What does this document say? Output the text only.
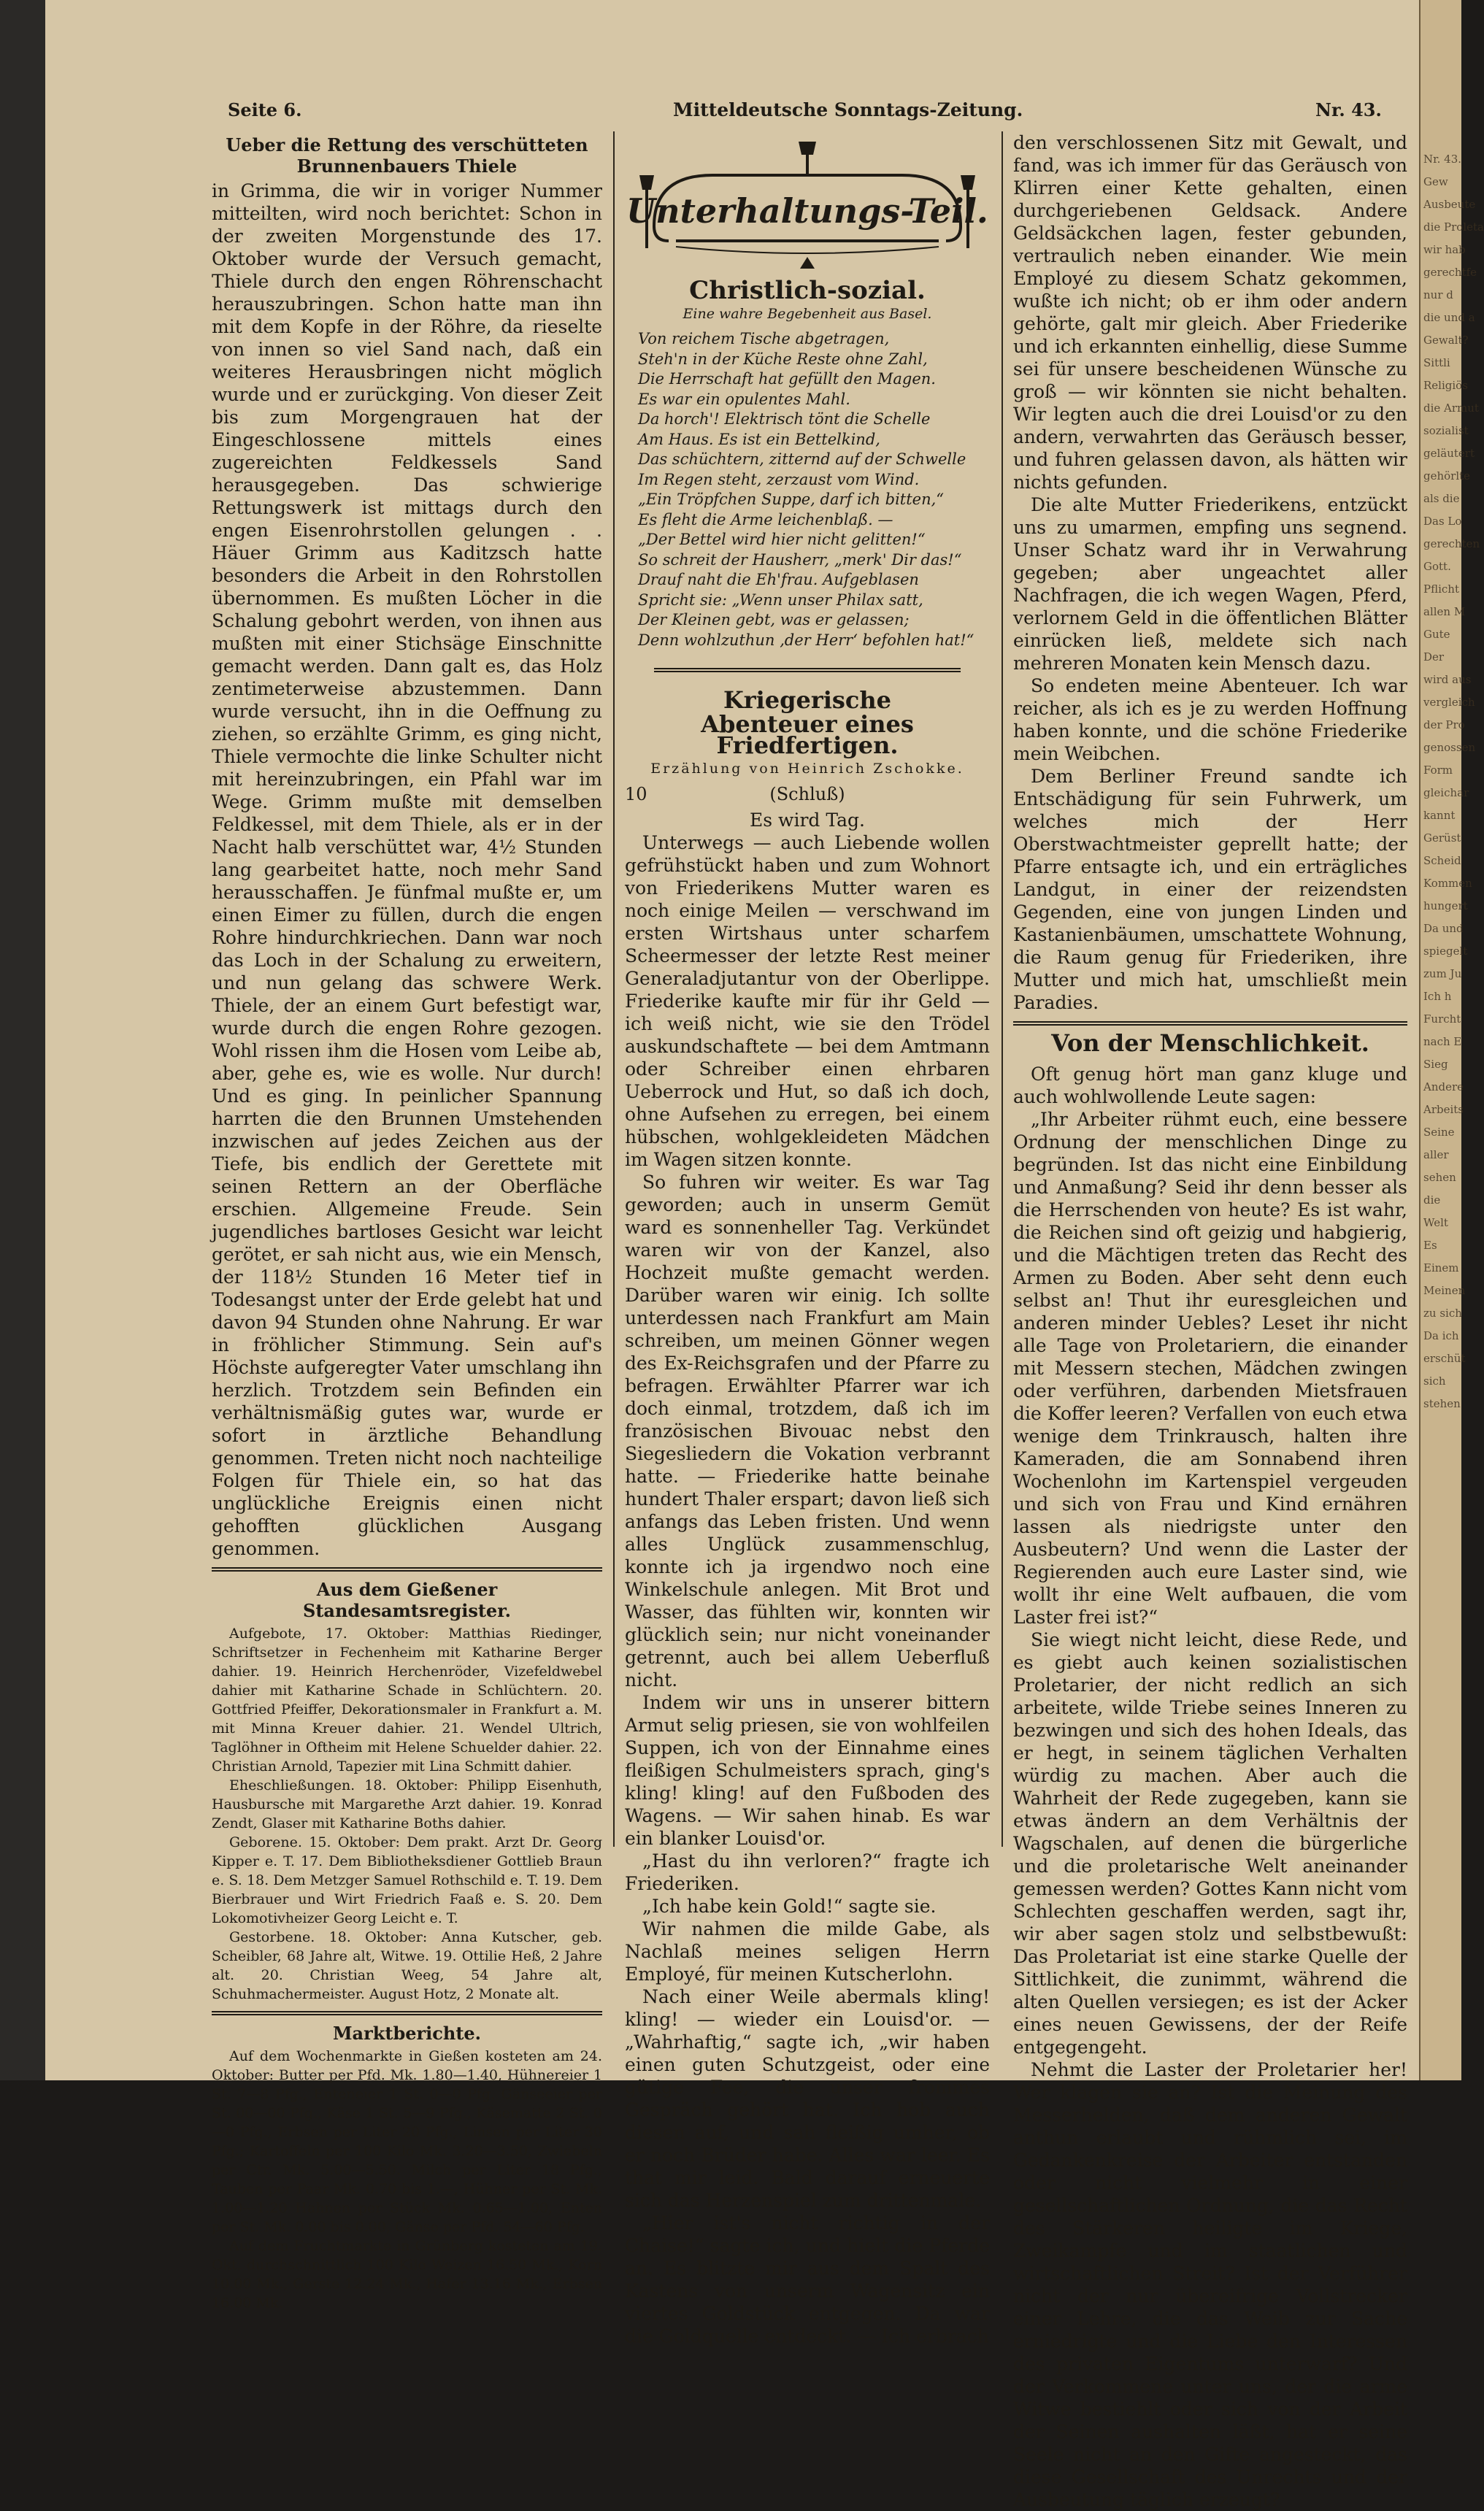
Seite 6.	Mitteldeutsche Sonntags-Zeitung.	Nr. 43.
Ueber die Rettung des verschütteten Brunnenbauers Thiele

in Grimma, die wir in voriger Nummer mitteilten, wird noch berichtet: Schon in der zweiten Morgenstunde des 17. Oktober wurde der Versuch gemacht, Thiele durch den engen Röhrenschacht herauszubringen. Schon hatte man ihn mit dem Kopfe in der Röhre, da rieselte von innen so viel Sand nach, daß ein weiteres Herausbringen nicht möglich wurde und er zurückging. Von dieser Zeit bis zum Morgengrauen hat der Eingeschlossene mittels eines zugereichten Feldkessels Sand herausgegeben. Das schwierige Rettungswerk ist mittags durch den engen Eisenrohrstollen gelungen . . Häuer Grimm aus Kaditzsch hatte besonders die Arbeit in den Rohrstollen übernommen. Es mußten Löcher in die Schalung gebohrt werden, von ihnen aus mußten mit einer Stichsäge Einschnitte gemacht werden. Dann galt es, das Holz zentimeterweise abzustemmen. Dann wurde versucht, ihn in die Oeffnung zu ziehen, so erzählte Grimm, es ging nicht, Thiele vermochte die linke Schulter nicht mit hereinzubringen, ein Pfahl war im Wege. Grimm mußte mit demselben Feldkessel, mit dem Thiele, als er in der Nacht halb verschüttet war, 4½ Stunden lang gearbeitet hatte, noch mehr Sand herausschaffen. Je fünfmal mußte er, um einen Eimer zu füllen, durch die engen Rohre hindurchkriechen. Dann war noch das Loch in der Schalung zu erweitern, und nun gelang das schwere Werk. Thiele, der an einem Gurt befestigt war, wurde durch die engen Rohre gezogen. Wohl rissen ihm die Hosen vom Leibe ab, aber, gehe es, wie es wolle. Nur durch! Und es ging. In peinlicher Spannung harrten die den Brunnen Umstehenden inzwischen auf jedes Zeichen aus der Tiefe, bis endlich der Gerettete mit seinen Rettern an der Oberfläche erschien. Allgemeine Freude. Sein jugendliches bartloses Gesicht war leicht gerötet, er sah nicht aus, wie ein Mensch, der 118½ Stunden 16 Meter tief in Todesangst unter der Erde gelebt hat und davon 94 Stunden ohne Nahrung. Er war in fröhlicher Stimmung. Sein auf's Höchste aufgeregter Vater umschlang ihn herzlich. Trotzdem sein Befinden ein verhältnismäßig gutes war, wurde er sofort in ärztliche Behandlung genommen. Treten nicht noch nachteilige Folgen für Thiele ein, so hat das unglückliche Ereignis einen nicht gehofften glücklichen Ausgang genommen.

Aus dem Gießener Standesamtsregister.

Aufgebote, 17. Oktober: Matthias Riedinger, Schriftsetzer in Fechenheim mit Katharine Berger dahier. 19. Heinrich Herchenröder, Vizefeldwebel dahier mit Katharine Schade in Schlüchtern. 20. Gottfried Pfeiffer, Dekorationsmaler in Frankfurt a. M. mit Minna Kreuer dahier. 21. Wendel Ultrich, Taglöhner in Oftheim mit Helene Schuelder dahier. 22. Christian Arnold, Tapezier mit Lina Schmitt dahier.

Eheschließungen. 18. Oktober: Philipp Eisenhuth, Hausbursche mit Margarethe Arzt dahier. 19. Konrad Zendt, Glaser mit Katharine Boths dahier.

Geborene. 15. Oktober: Dem prakt. Arzt Dr. Georg Kipper e. T. 17. Dem Bibliotheksdiener Gottlieb Braun e. S. 18. Dem Metzger Samuel Rothschild e. T. 19. Dem Bierbrauer und Wirt Friedrich Faaß e. S. 20. Dem Lokomotivheizer Georg Leicht e. T.

Gestorbene. 18. Oktober: Anna Kutscher, geb. Scheibler, 68 Jahre alt, Witwe. 19. Ottilie Heß, 2 Jahre alt. 20. Christian Weeg, 54 Jahre alt, Schuhmachermeister. August Hotz, 2 Monate alt.

Marktberichte.

Auf dem Wochenmarkte in Gießen kosteten am 24. Oktober: Butter per Pfd. Mk. 1.80—1.40, Hühnereier 1 St. 7—8 Pfg., Enteneier 1 St. 0—0 Pfg. Gänseeier per St. 00—00 Pfg., Käse 1 St. 5—9 Pfg., Käsematte 2 St. 0—0 Pfg., Erbsen per Liter 20 Pfg., Linsen per Liter 30 Pfg.; Kartoffeln per 100 Kilo Mk. 3.20—3.50, Zwiebeln per Ctr. Mk. 5.00—5.50. Milch per Liter 18 Pfg., Tauben per Paar Mk. 0.70 bis 1.—, Hühner per St. Mk. 1.00—1.20 Hahnen per Stück Mk. 0.65—1.00, Enten per St. Mk. 0.00 bis 0.00, Gänse per Pfd. 54—60 Pfg.

Auf dem Fruchtmarkte in Grünberg kosteten am 19. Okt. durchschnittlich 100 Kilo Weizen 16.50 Mk., Korn 10.00 Mk., Gerste 12.24 Mk., Hafer 13.16 Mk., Erbsen 16.00 Mk.

Unterhaltungs-Teil.
Christlich-sozial.

Eine wahre Begebenheit aus Basel.

Von reichem Tische abgetragen,

Steh'n in der Küche Reste ohne Zahl,

Die Herrschaft hat gefüllt den Magen.

Es war ein opulentes Mahl.

Da horch'! Elektrisch tönt die Schelle

Am Haus. Es ist ein Bettelkind,

Das schüchtern, zitternd auf der Schwelle

Im Regen steht, zerzaust vom Wind.

„Ein Tröpfchen Suppe, darf ich bitten,“

Es fleht die Arme leichenblaß. —

„Der Bettel wird hier nicht gelitten!“

So schreit der Hausherr, „merk' Dir das!“

Drauf naht die Eh'frau. Aufgeblasen

Spricht sie: „Wenn unser Philax satt,

Der Kleinen gebt, was er gelassen;

Denn wohlzuthun ‚der Herr‘ befohlen hat!“

Kriegerische
Abenteuer eines Friedfertigen.

Erzählung von Heinrich Zschokke.

10	(Schluß)

Es wird Tag.

Unterwegs — auch Liebende wollen gefrühstückt haben und zum Wohnort von Friederikens Mutter waren es noch einige Meilen — verschwand im ersten Wirtshaus unter scharfem Scheermesser der letzte Rest meiner Generaladjutantur von der Oberlippe. Friederike kaufte mir für ihr Geld — ich weiß nicht, wie sie den Trödel auskundschaftete — bei dem Amtmann oder Schreiber einen ehrbaren Ueberrock und Hut, so daß ich doch, ohne Aufsehen zu erregen, bei einem hübschen, wohlgekleideten Mädchen im Wagen sitzen konnte.

So fuhren wir weiter. Es war Tag geworden; auch in unserm Gemüt ward es sonnenheller Tag. Verkündet waren wir von der Kanzel, also Hochzeit mußte gemacht werden. Darüber waren wir einig. Ich sollte unterdessen nach Frankfurt am Main schreiben, um meinen Gönner wegen des Ex-Reichsgrafen und der Pfarre zu befragen. Erwählter Pfarrer war ich doch einmal, trotzdem, daß ich im französischen Bivouac nebst den Siegesliedern die Vokation verbrannt hatte. — Friederike hatte beinahe hundert Thaler erspart; davon ließ sich anfangs das Leben fristen. Und wenn alles Unglück zusammenschlug, konnte ich ja irgendwo noch eine Winkelschule anlegen. Mit Brot und Wasser, das fühlten wir, konnten wir glücklich sein; nur nicht voneinander getrennt, auch bei allem Ueberfluß nicht.

Indem wir uns in unserer bittern Armut selig priesen, sie von wohlfeilen Suppen, ich von der Einnahme eines fleißigen Schulmeisters sprach, ging's kling! kling! auf den Fußboden des Wagens. — Wir sahen hinab. Es war ein blanker Louisd'or.

„Hast du ihn verloren?“ fragte ich Friederiken.

„Ich habe kein Gold!“ sagte sie.

Wir nahmen die milde Gabe, als Nachlaß meines seligen Herrn Employé, für meinen Kutscherlohn.

Nach einer Weile abermals kling! kling! — wieder ein Louisd'or. — „Wahrhaftig,“ sagte ich, „wir haben einen guten Schutzgeist, oder eine gütige Fee, die unser frommes Gespräch gehört hat. Ich hob auch diesen auf, und sah fleißig umher, ob er noch Brüder habe. Alles war leer. Es that mir leid. Bald darauf erneuerte sich das Herzenspiel zum drittenmale.

„Hier ist's nicht richtig in der Chaise!“ sagte ich, und hielt die Pferde an. Es blitzte mir aus dem Spalt des Kastens von unserm Wagensitz ein viertes Goldstück entgegen. Da war die Goldquelle entdeckt. — Ich erbrach

den verschlossenen Sitz mit Gewalt, und fand, was ich immer für das Geräusch von Klirren einer Kette gehalten, einen durchgeriebenen Geldsack. Andere Geldsäckchen lagen, fester gebunden, vertraulich neben einander. Wie mein Employé zu diesem Schatz gekommen, wußte ich nicht; ob er ihm oder andern gehörte, galt mir gleich. Aber Friederike und ich erkannten einhellig, diese Summe sei für unsere bescheidenen Wünsche zu groß — wir könnten sie nicht behalten. Wir legten auch die drei Louisd'or zu den andern, verwahrten das Geräusch besser, und fuhren gelassen davon, als hätten wir nichts gefunden.

Die alte Mutter Friederikens, entzückt uns zu umarmen, empfing uns segnend. Unser Schatz ward ihr in Verwahrung gegeben; aber ungeachtet aller Nachfragen, die ich wegen Wagen, Pferd, verlornem Geld in die öffentlichen Blätter einrücken ließ, meldete sich nach mehreren Monaten kein Mensch dazu.

So endeten meine Abenteuer. Ich war reicher, als ich es je zu werden Hoffnung haben konnte, und die schöne Friederike mein Weibchen.

Dem Berliner Freund sandte ich Entschädigung für sein Fuhrwerk, um welches mich der Herr Oberstwachtmeister geprellt hatte; der Pfarre entsagte ich, und ein erträgliches Landgut, in einer der reizendsten Gegenden, eine von jungen Linden und Kastanienbäumen, umschattete Wohnung, die Raum genug für Friederiken, ihre Mutter und mich hat, umschließt mein Paradies.

Von der Menschlichkeit.

Oft genug hört man ganz kluge und auch wohlwollende Leute sagen:

„Ihr Arbeiter rühmt euch, eine bessere Ordnung der menschlichen Dinge zu begründen. Ist das nicht eine Einbildung und Anmaßung? Seid ihr denn besser als die Herrschenden von heute? Es ist wahr, die Reichen sind oft geizig und habgierig, und die Mächtigen treten das Recht des Armen zu Boden. Aber seht denn euch selbst an! Thut ihr euresgleichen und anderen minder Uebles? Leset ihr nicht alle Tage von Proletariern, die einander mit Messern stechen, Mädchen zwingen oder verführen, darbenden Mietsfrauen die Koffer leeren? Verfallen von euch etwa wenige dem Trinkrausch, halten ihre Kameraden, die am Sonnabend ihren Wochenlohn im Kartenspiel vergeuden und sich von Frau und Kind ernähren lassen als niedrigste unter den Ausbeutern? Und wenn die Laster der Regierenden auch eure Laster sind, wie wollt ihr eine Welt aufbauen, die vom Laster frei ist?“

Sie wiegt nicht leicht, diese Rede, und es giebt auch keinen sozialistischen Proletarier, der nicht redlich an sich arbeitete, wilde Triebe seines Inneren zu bezwingen und sich des hohen Ideals, das er hegt, in seinem täglichen Verhalten würdig zu machen. Aber auch die Wahrheit der Rede zugegeben, kann sie etwas ändern an dem Verhältnis der Wagschalen, auf denen die bürgerliche und die proletarische Welt aneinander gemessen werden? Gottes Kann nicht vom Schlechten geschaffen werden, sagt ihr, wir aber sagen stolz und selbstbewußt: Das Proletariat ist eine starke Quelle der Sittlichkeit, die zunimmt, während die alten Quellen versiegen; es ist der Acker eines neuen Gewissens, der der Reife entgegengeht.

Nehmt die Laster der Proletarier her! Wer klagen sie an? Ist die Meinung des Messerhelden, daß dem anderen Gewalt anthun erlaubt und rühmlich sei, im Gedankenkreise der Arbeiter entstanden oder nicht vielmehr in einer gesellschaftlichen Ordnung, die das Recht des Stärkeren heiligte im Kriege, Zweikampfe und im staatlichen und wirtschaftlichen Streit? Ist der Verführer nicht der nur übereifrige Vollstrecker einer Lehre, die das Weib zur Sache erniedrigte und die Liebe den Interessen des privaten Eigentums unterwarf? Und der Verkommene unter uns, der die arme Witwe bestiehlt oder sich von der Arbeit der Seinen aushalten läßt, hat er seine Seele nicht an den Gifte angesteckt, das diese Gesellschaft des Unrechts und der Ausbeutung täglich erzeugt?

Nr. 43.
Gew
Ausbeute
die Proleta
wir hab
gerechtfe
nur d
die und a
Gewalt?
Sittli
Religiös
die Armut
sozialist
geläutert
gehörlte
als die
Das Lo
gerechten
Gott.
Pflicht
allen M
Gute
Der
wird aus
vergleich
der Pro
genossen
Form
gleichar
kannt
Gerüst
Scheid
Kommen
hungert
Da und
spiegelt
zum Ju
Ich h
Furcht
nach E
Sieg
Andere
Arbeits
Seine
aller
sehen
die
Welt
Es
Einem
Meinen
zu sich
Da ich
erschüt
sich
stehen
